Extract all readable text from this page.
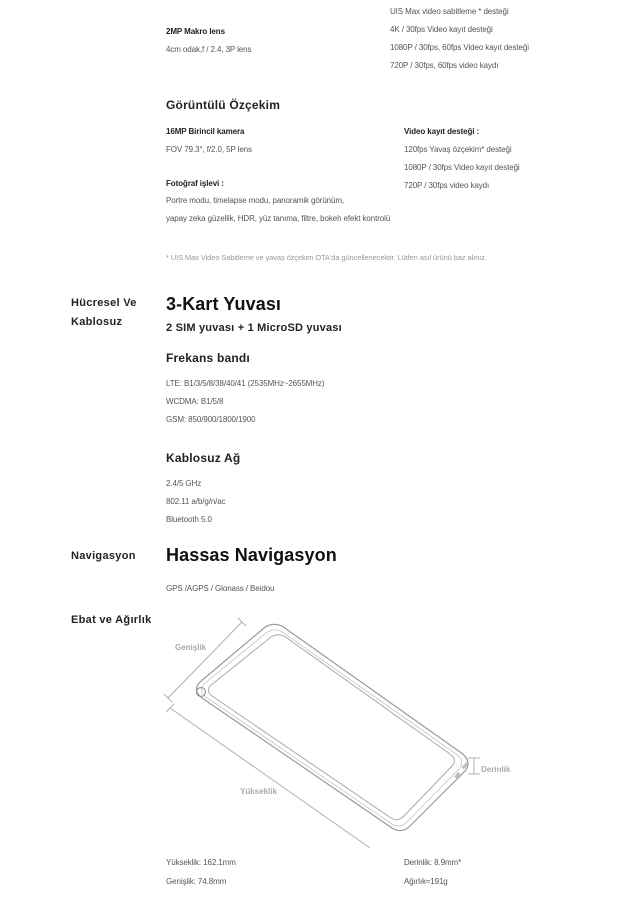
2MP Makro lens
4cm odak,f / 2.4, 3P lens
UIS Max video sabitleme * desteği
4K / 30fps Video kayıt desteği
1080P / 30fps, 60fps Video kayıt desteği
720P / 30fps, 60fps video kaydı
Görüntülü Özçekim
16MP Birincil kamera
FOV 79.3°, f/2.0, 5P lens
Fotoğraf işlevi :
Portre modu, timelapse modu, panoramik görünüm,
yapay zeka güzellik, HDR, yüz tanıma, filtre, bokeh efekt kontrolü
Video kayıt desteği :
120fps Yavaş özçekim* desteği
1080P / 30fps Video kayıt desteği
720P / 30fps video kaydı
* UIS Max Video Sabitleme ve yavaş özçekim OTA'da güncellenecektir. Lütfen asıl ürünü baz alınız.
Hücresel Ve
Kablosuz
3-Kart Yuvası
2 SIM yuvası + 1 MicroSD yuvası
Frekans bandı
LTE: B1/3/5/8/38/40/41 (2535MHz~2655MHz)
WCDMA: B1/5/8
GSM: 850/900/1800/1900
Kablosuz Ağ
2.4/5 GHz
802.11 a/b/g/n/ac
Bluetooth 5.0
Navigasyon Hassas Navigasyon
GPS /AGPS / Glonass / Beidou
Ebat ve Ağırlık
Genişlik
Yükseklik
Derinlik
Yükseklik: 162.1mm
Genişlik: 74.8mm
Derinlik: 8.9mm*
Ağırlık≈191g
